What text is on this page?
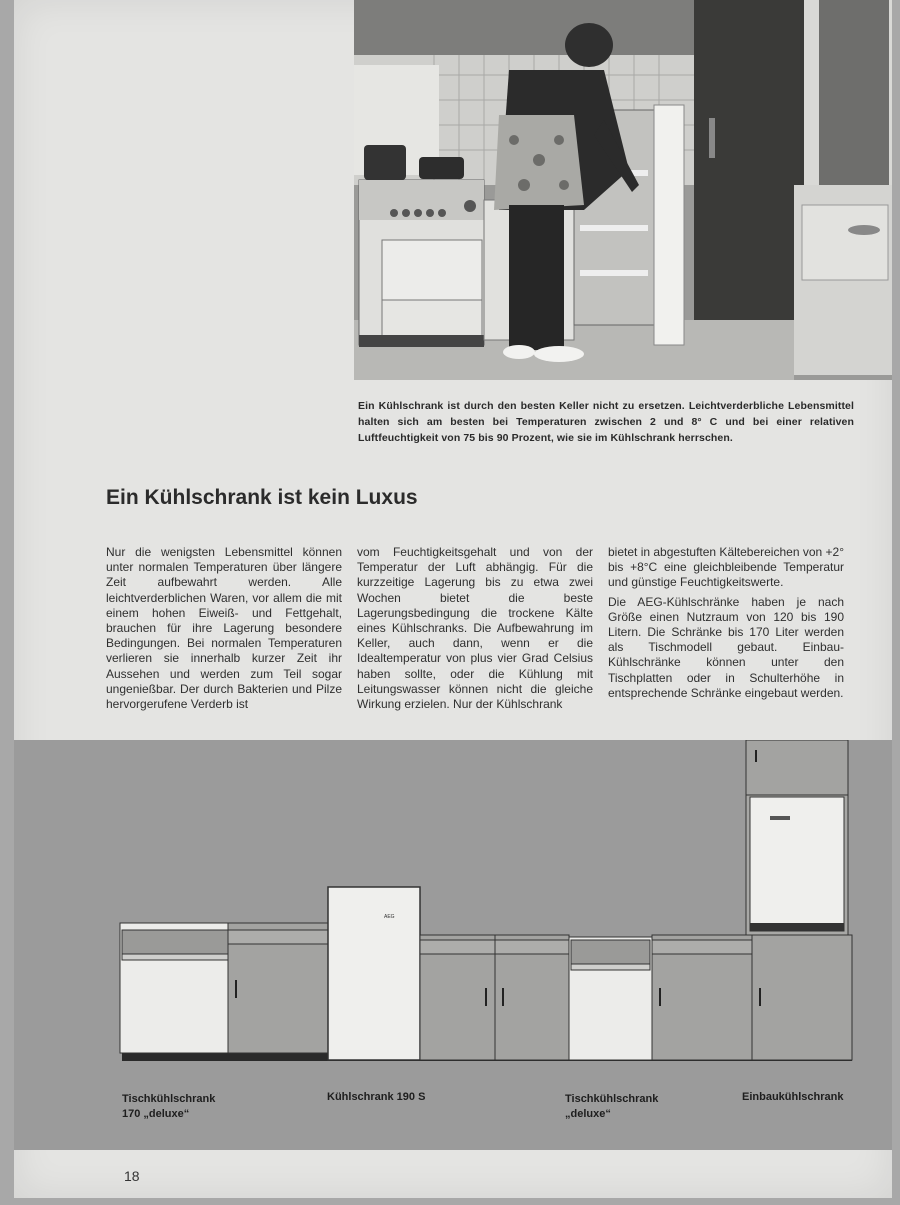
Ein Kühlschrank ist durch den besten Keller nicht zu ersetzen. Leichtverderbliche Lebensmittel halten sich am besten bei Temperaturen zwischen 2 und 8° C und bei einer relativen Luftfeuchtigkeit von 75 bis 90 Prozent, wie sie im Kühlschrank herrschen.
Ein Kühlschrank ist kein Luxus

Nur die wenigsten Lebensmittel können unter normalen Temperaturen über längere Zeit aufbewahrt werden. Alle leichtverderblichen Waren, vor allem die mit einem hohen Eiweiß- und Fettgehalt, brauchen für ihre Lagerung besondere Bedingungen. Bei normalen Temperaturen verlieren sie innerhalb kurzer Zeit ihr Aussehen und werden zum Teil sogar ungenießbar. Der durch Bakterien und Pilze hervorgerufene Verderb ist

vom Feuchtigkeitsgehalt und von der Temperatur der Luft abhängig. Für die kurzzeitige Lagerung bis zu etwa zwei Wochen bietet die beste Lagerungsbedingung die trockene Kälte eines Kühlschranks. Die Aufbewahrung im Keller, auch dann, wenn er die Idealtemperatur von plus vier Grad Celsius haben sollte, oder die Kühlung mit Leitungswasser können nicht die gleiche Wirkung erzielen. Nur der Kühlschrank

bietet in abgestuften Kältebereichen von +2° bis +8°C eine gleichbleibende Temperatur und günstige Feuchtigkeitswerte.

Die AEG-Kühlschränke haben je nach Größe einen Nutzraum von 120 bis 190 Litern. Die Schränke bis 170 Liter werden als Tischmodell gebaut. Einbau-Kühlschränke können unter den Tischplatten oder in Schulterhöhe in entsprechende Schränke eingebaut werden.

AEG
Tischkühlschrank
170 „deluxe“
Kühlschrank 190 S	Tischkühlschrank
„deluxe“
Einbaukühlschrank
18
